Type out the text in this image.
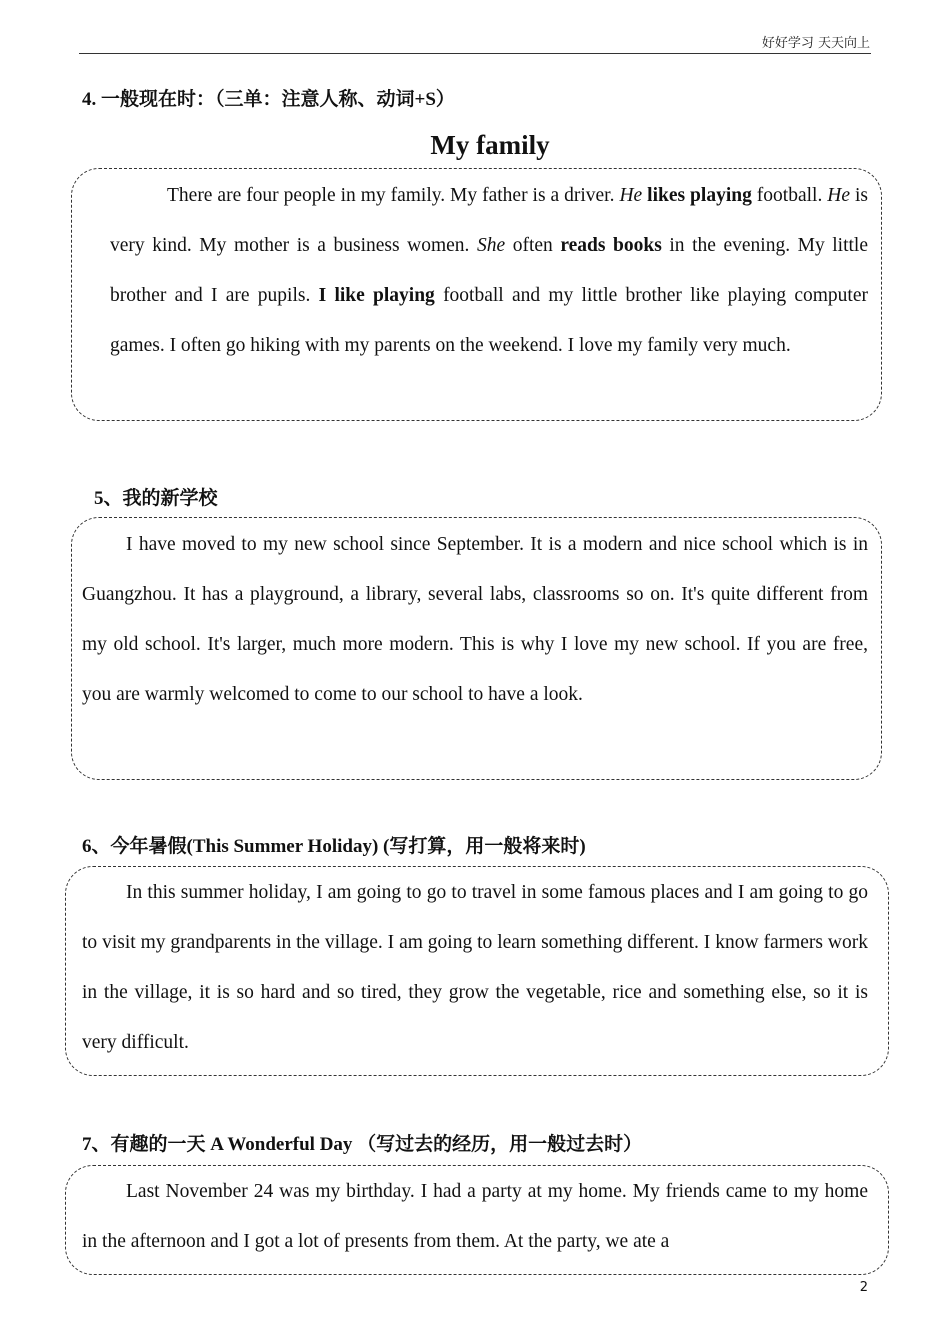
好好学习 天天向上
4. 一般现在时：（三单：注意人称、动词+S）
My family

There are four people in my family. My father is a driver. He likes playing football. He is very kind. My mother is a business women. She often reads books in the evening. My little brother and I are pupils. I like playing football and my little brother like playing computer games. I often go hiking with my parents on the weekend. I love my family very much.

5、我的新学校

I have moved to my new school since September. It is a modern and nice school which is in Guangzhou. It has a playground, a library, several labs, classrooms so on. It's quite different from my old school. It's larger, much more modern. This is why I love my new school. If you are free, you are warmly welcomed to come to our school to have a look.

6、今年暑假(This Summer Holiday) (写打算，用一般将来时)

In this summer holiday, I am going to go to travel in some famous places and I am going to go to visit my grandparents in the village. I am going to learn something different. I know farmers work in the village, it is so hard and so tired, they grow the vegetable, rice and something else, so it is very difficult.

7、有趣的一天 A Wonderful Day （写过去的经历，用一般过去时）

Last November 24 was my birthday. I had a party at my home. My friends came to my home in the afternoon and I got a lot of presents from them. At the party, we ate a

2
